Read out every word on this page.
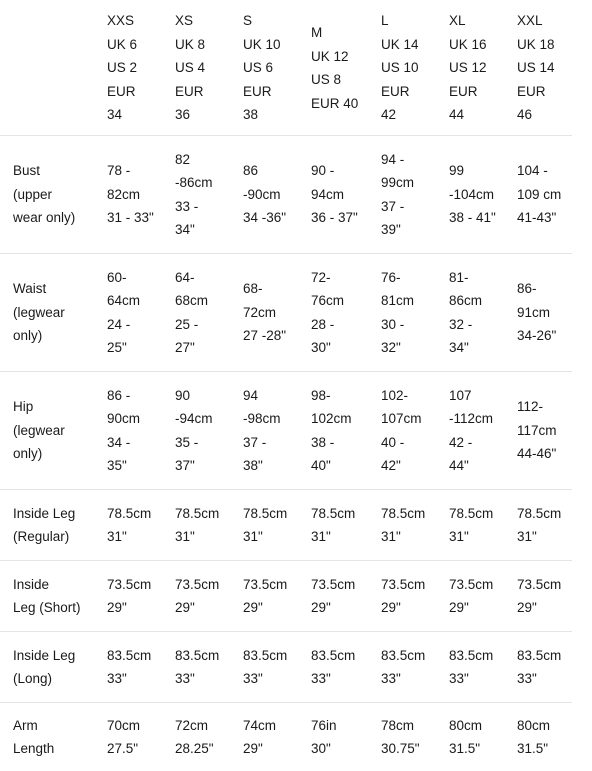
	XXS
UK 6
US 2
EUR
34	XS
UK 8
US 4
EUR
36	S
UK 10
US 6
EUR
38	M
UK 12
US 8
EUR 40	L
UK 14
US 10
EUR
42	XL
UK 16
US 12
EUR
44	XXL
UK 18
US 14
EUR
46

Bust
(upper
wear only)	78 -
82cm
31 - 33"	82
-86cm
33 -
34"	86
-90cm
34 -36"	90 -
94cm
36 - 37"	94 -
99cm
37 -
39"	99
-104cm
38 - 41"	104 -
109 cm
41-43"

Waist
(legwear
only)	60-
64cm
24 -
25"	64-
68cm
25 -
27"	68-
72cm
27 -28"	72-
76cm
28 -
30"	76-
81cm
30 -
32"	81-
86cm
32 -
34"	86-
91cm
34-26"

Hip
(legwear
only)	86 -
90cm
34 -
35"	90
-94cm
35 -
37"	94
-98cm
37 -
38"	98-
102cm
38 -
40"	102-
107cm
40 -
42"	107
-112cm
42 -
44"	112-
117cm
44-46"

Inside Leg
(Regular)	78.5cm
31"	78.5cm
31"	78.5cm
31"	78.5cm
31"	78.5cm
31"	78.5cm
31"	78.5cm
31"

Inside
Leg (Short)	73.5cm
29"	73.5cm
29"	73.5cm
29"	73.5cm
29"	73.5cm
29"	73.5cm
29"	73.5cm
29"

Inside Leg
(Long)	83.5cm
33"	83.5cm
33"	83.5cm
33"	83.5cm
33"	83.5cm
33"	83.5cm
33"	83.5cm
33"

Arm
Length	70cm
27.5"	72cm
28.25"	74cm
29"	76in
30"	78cm
30.75"	80cm
31.5"	80cm
31.5"
